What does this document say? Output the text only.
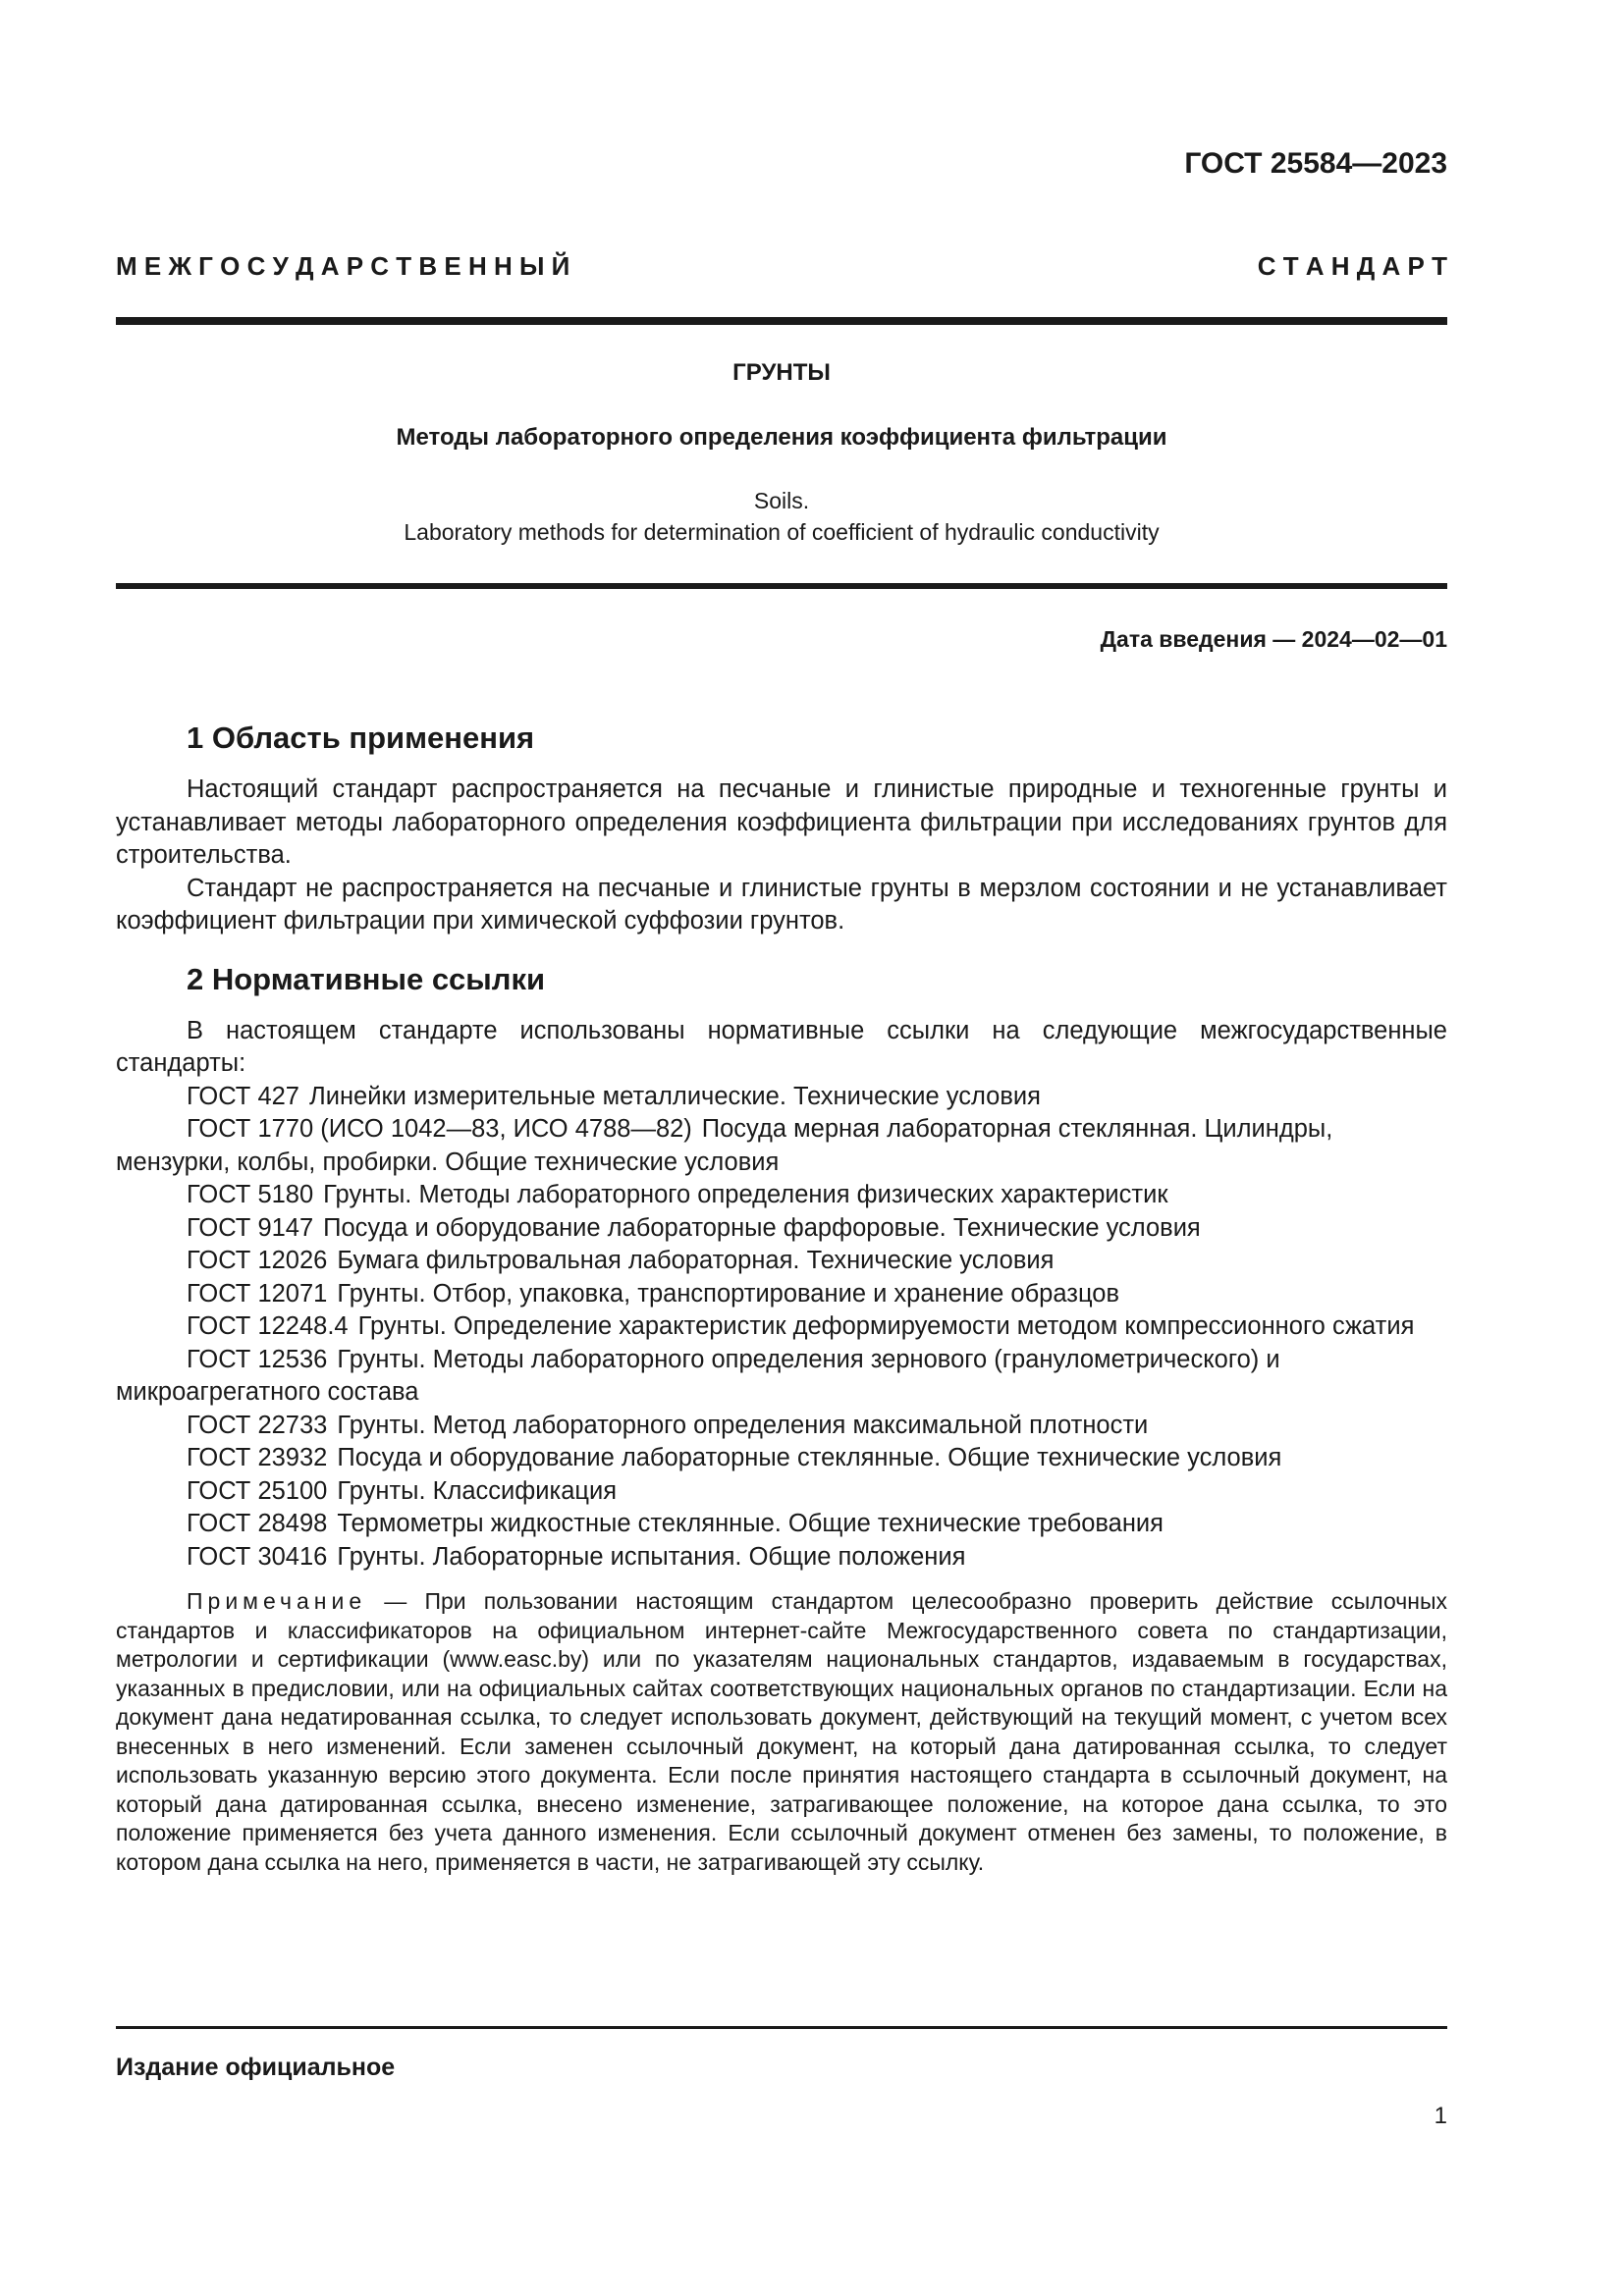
ГОСТ 25584—2023
М Е Ж Г О С У Д А Р С Т В Е Н Н Ы Й	С Т А Н Д А Р Т
ГРУНТЫ
Методы лабораторного определения коэффициента фильтрации
Soils.
Laboratory methods for determination of coefficient of hydraulic conductivity
Дата введения — 2024—02—01
1 Область применения

Настоящий стандарт распространяется на песчаные и глинистые природные и техногенные грунты и устанавливает методы лабораторного определения коэффициента фильтрации при исследованиях грунтов для строительства.

Стандарт не распространяется на песчаные и глинистые грунты в мерзлом состоянии и не устанавливает коэффициент фильтрации при химической суффозии грунтов.

2 Нормативные ссылки

В настоящем стандарте использованы нормативные ссылки на следующие межгосударственные стандарты:

ГОСТ 427 Линейки измерительные металлические. Технические условия
ГОСТ 1770 (ИСО 1042—83, ИСО 4788—82) Посуда мерная лабораторная стеклянная. Цилиндры, мензурки, колбы, пробирки. Общие технические условия
ГОСТ 5180 Грунты. Методы лабораторного определения физических характеристик
ГОСТ 9147 Посуда и оборудование лабораторные фарфоровые. Технические условия
ГОСТ 12026 Бумага фильтровальная лабораторная. Технические условия
ГОСТ 12071 Грунты. Отбор, упаковка, транспортирование и хранение образцов
ГОСТ 12248.4 Грунты. Определение характеристик деформируемости методом компрессионного сжатия
ГОСТ 12536 Грунты. Методы лабораторного определения зернового (гранулометрического) и микроагрегатного состава
ГОСТ 22733 Грунты. Метод лабораторного определения максимальной плотности
ГОСТ 23932 Посуда и оборудование лабораторные стеклянные. Общие технические условия
ГОСТ 25100 Грунты. Классификация
ГОСТ 28498 Термометры жидкостные стеклянные. Общие технические требования
ГОСТ 30416 Грунты. Лабораторные испытания. Общие положения
Примечание — При пользовании настоящим стандартом целесообразно проверить действие ссылочных стандартов и классификаторов на официальном интернет-сайте Межгосударственного совета по стандартизации, метрологии и сертификации (www.easc.by) или по указателям национальных стандартов, издаваемым в государствах, указанных в предисловии, или на официальных сайтах соответствующих национальных органов по стандартизации. Если на документ дана недатированная ссылка, то следует использовать документ, действующий на текущий момент, с учетом всех внесенных в него изменений. Если заменен ссылочный документ, на который дана датированная ссылка, то следует использовать указанную версию этого документа. Если после принятия настоящего стандарта в ссылочный документ, на который дана датированная ссылка, внесено изменение, затрагивающее положение, на которое дана ссылка, то это положение применяется без учета данного изменения. Если ссылочный документ отменен без замены, то положение, в котором дана ссылка на него, применяется в части, не затрагивающей эту ссылку.
Издание официальное
1
